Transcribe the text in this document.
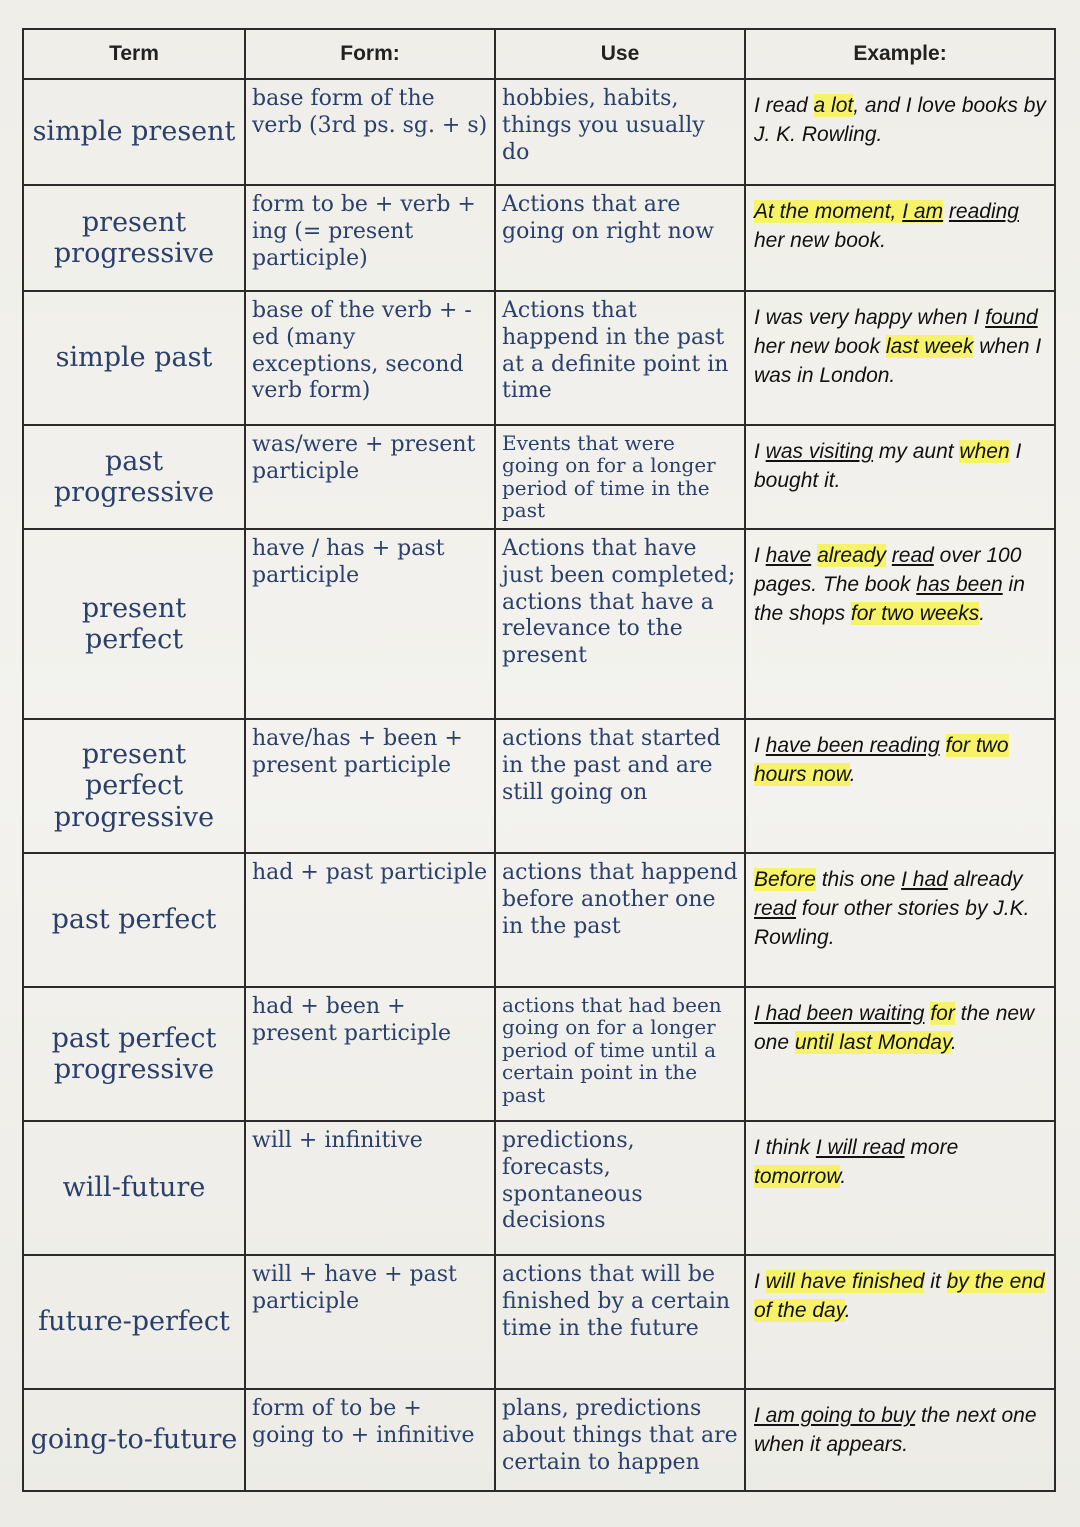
Term	Form:	Use	Example:
simple present	base form of the verb (3rd ps. sg. + s)	hobbies, habits, things you usually do	I read a lot, and I love books by J. K. Rowling.
present progressive	form to be + verb + ing (= present participle)	Actions that are going on right now	At the moment, I am reading her new book.
simple past	base of the verb + -ed (many exceptions, second verb form)	Actions that happend in the past at a definite point in time	I was very happy when I found her new book last week when I was in London.
past progressive	was/were + present participle	Events that were going on for a longer period of time in the past	I was visiting my aunt when I bought it.
present perfect	have / has + past participle	Actions that have just been completed; actions that have a relevance to the present	I have already read over 100 pages. The book has been in the shops for two weeks.
present perfect progressive	have/has + been + present participle	actions that started in the past and are still going on	I have been reading for two hours now.
past perfect	had + past participle	actions that happend before another one in the past	Before this one I had already read four other stories by J.K. Rowling.
past perfect progressive	had + been + present participle	actions that had been going on for a longer period of time until a certain point in the past	I had been waiting for the new one until last Monday.
will-future	will + infinitive	predictions, forecasts, spontaneous decisions	I think I will read more tomorrow.
future-perfect	will + have + past participle	actions that will be finished by a certain time in the future	I will have finished it by the end of the day.
going-to-future	form of to be + going to + infinitive	plans, predictions about things that are certain to happen	I am going to buy the next one when it appears.
